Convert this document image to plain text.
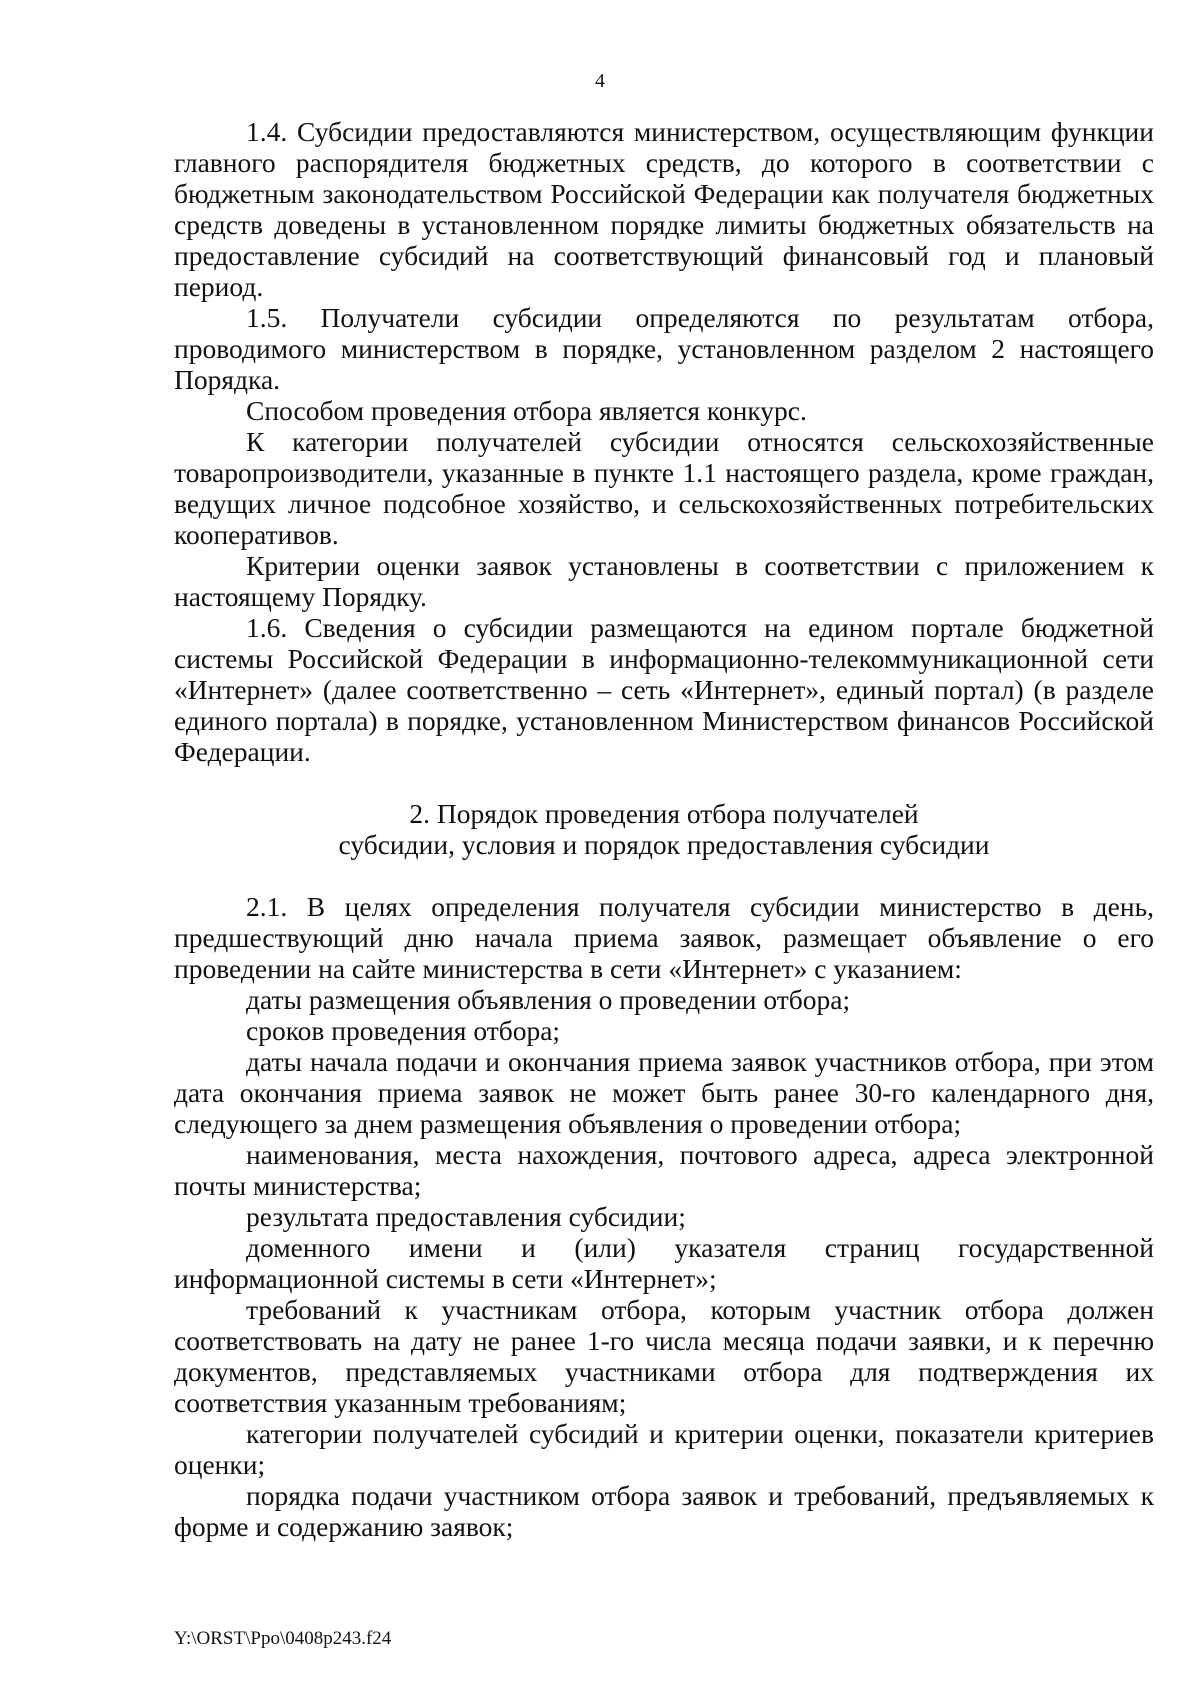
4

1.4. Субсидии предоставляются министерством, осуществляющим функции главного распорядителя бюджетных средств, до которого в соответствии с бюджетным законодательством Российской Федерации как получателя бюджетных средств доведены в установленном порядке лимиты бюджетных обязательств на предоставление субсидий на соответствующий финансовый год и плановый период.

1.5. Получатели субсидии определяются по результатам отбора, проводимого министерством в порядке, установленном разделом 2 настоящего Порядка.

Способом проведения отбора является конкурс.

К категории получателей субсидии относятся сельскохозяйственные товаропроизводители, указанные в пункте 1.1 настоящего раздела, кроме граждан, ведущих личное подсобное хозяйство, и сельскохозяйственных потребительских кооперативов.

Критерии оценки заявок установлены в соответствии с приложением к настоящему Порядку.

1.6. Сведения о субсидии размещаются на едином портале бюджетной системы Российской Федерации в информационно-телекоммуникационной сети «Интернет» (далее соответственно – сеть «Интернет», единый портал) (в разделе единого портала) в порядке, установленном Министерством финансов Российской Федерации.

2. Порядок проведения отбора получателей
субсидии, условия и порядок предоставления субсидии

2.1. В целях определения получателя субсидии министерство в день, предшествующий дню начала приема заявок, размещает объявление о его проведении на сайте министерства в сети «Интернет» с указанием:

даты размещения объявления о проведении отбора;

сроков проведения отбора;

даты начала подачи и окончания приема заявок участников отбора, при этом дата окончания приема заявок не может быть ранее 30-го календарного дня, следующего за днем размещения объявления о проведении отбора;

наименования, места нахождения, почтового адреса, адреса электронной почты министерства;

результата предоставления субсидии;

доменного имени и (или) указателя страниц государственной информационной системы в сети «Интернет»;

требований к участникам отбора, которым участник отбора должен соответствовать на дату не ранее 1-го числа месяца подачи заявки, и к перечню документов, представляемых участниками отбора для подтверждения их соответствия указанным требованиям;

категории получателей субсидий и критерии оценки, показатели критериев оценки;

порядка подачи участником отбора заявок и требований, предъявляемых к форме и содержанию заявок;

Y:\ORST\Ppo\0408p243.f24
